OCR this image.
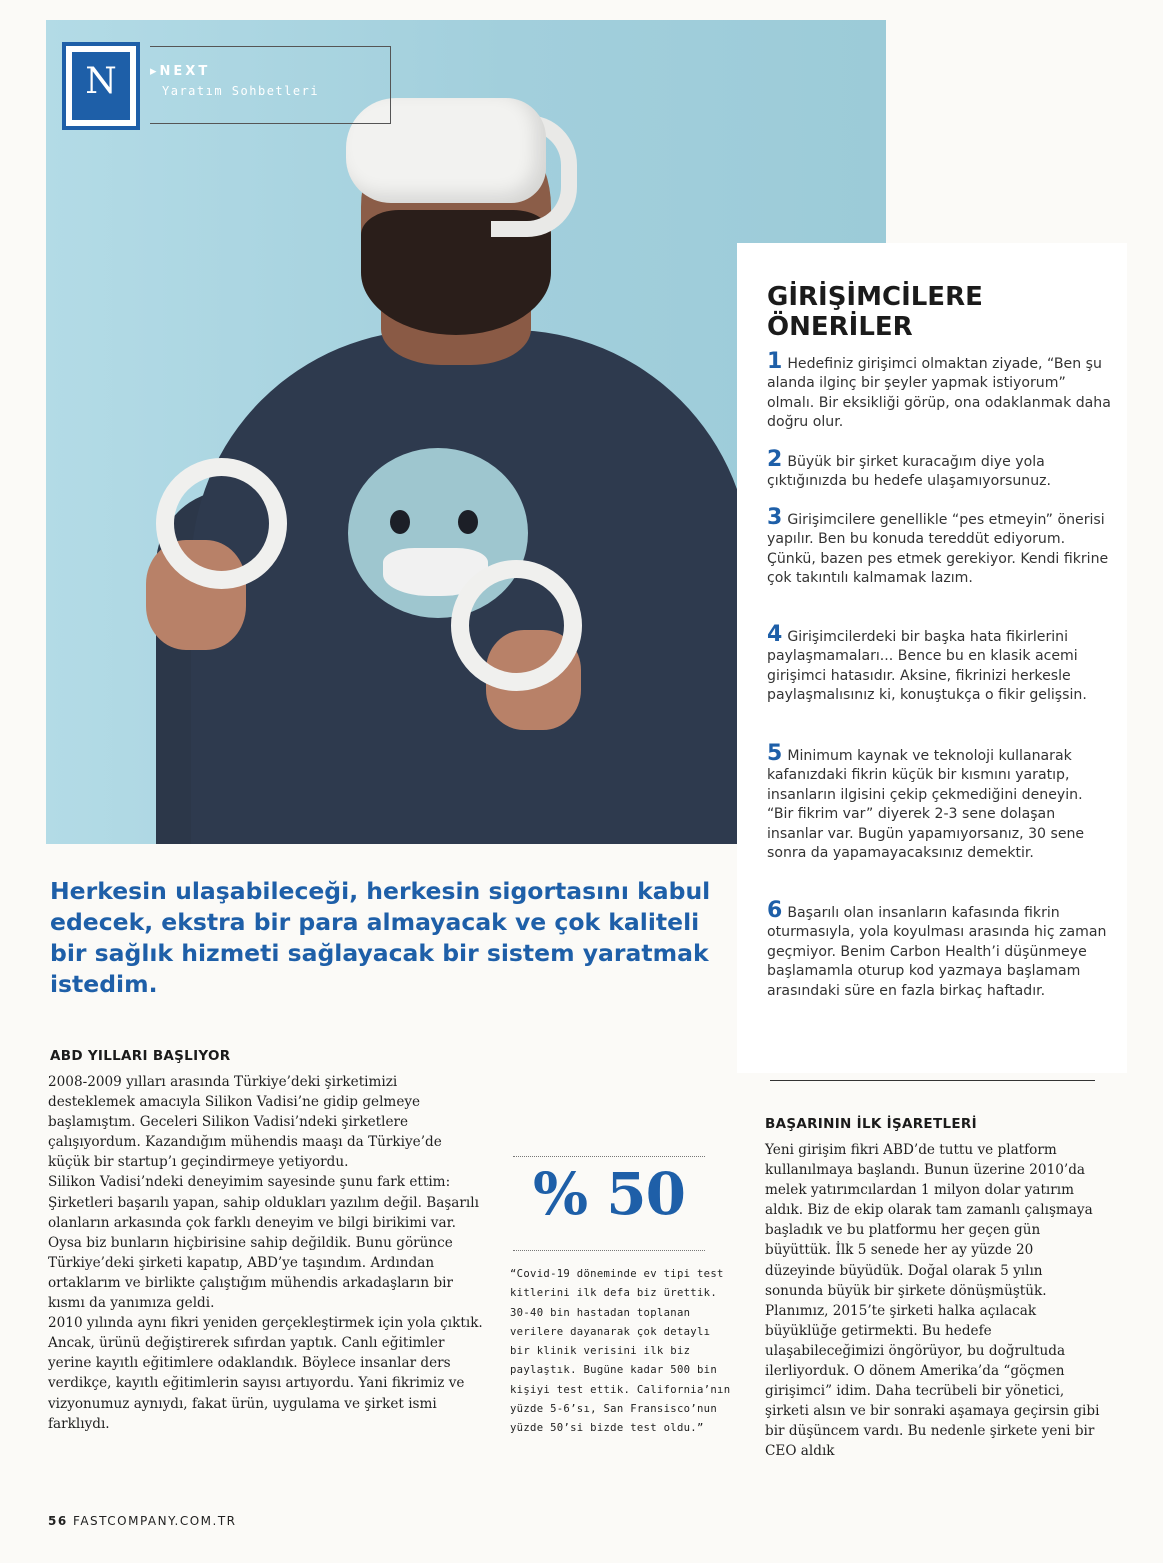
N	▸NEXT
Yaratım Sohbetleri
GİRİŞİMCİLERE ÖNERİLER

1 Hedefiniz girişimci olmaktan ziyade, “Ben şu alanda ilginç bir şeyler yapmak istiyorum” olmalı. Bir eksikliği görüp, ona odaklanmak daha doğru olur.

2 Büyük bir şirket kuracağım diye yola çıktığınızda bu hedefe ulaşamıyorsunuz.

3 Girişimcilere genellikle “pes etmeyin” önerisi yapılır. Ben bu konuda tereddüt ediyorum. Çünkü, bazen pes etmek gerekiyor. Kendi fikrine çok takıntılı kalmamak lazım.

4 Girişimcilerdeki bir başka hata fikirlerini paylaşmamaları... Bence bu en klasik acemi girişimci hatasıdır. Aksine, fikrinizi herkesle paylaşmalısınız ki, konuştukça o fikir gelişsin.

5 Minimum kaynak ve teknoloji kullanarak kafanızdaki fikrin küçük bir kısmını yaratıp, insanların ilgisini çekip çekmediğini deneyin. “Bir fikrim var” diyerek 2-3 sene dolaşan insanlar var. Bugün yapamıyorsanız, 30 sene sonra da yapamayacaksınız demektir.

6 Başarılı olan insanların kafasında fikrin oturmasıyla, yola koyulması arasında hiç zaman geçmiyor. Benim Carbon Health’i düşünmeye başlamamla oturup kod yazmaya başlamam arasındaki süre en fazla birkaç haftadır.

Herkesin ulaşabileceği, herkesin sigortasını kabul edecek, ekstra bir para almayacak ve çok kaliteli bir sağlık hizmeti sağlayacak bir sistem yaratmak istedim.

ABD YILLARI BAŞLIYOR

2008-2009 yılları arasında Türkiye’deki şirketimizi desteklemek amacıyla Silikon Vadisi’ne gidip gelmeye başlamıştım. Geceleri Silikon Vadisi’ndeki şirketlere çalışıyordum. Kazandığım mühendis maaşı da Türkiye’de küçük bir startup’ı geçindirmeye yetiyordu.

Silikon Vadisi’ndeki deneyimim sayesinde şunu fark ettim: Şirketleri başarılı yapan, sahip oldukları yazılım değil. Başarılı olanların arkasında çok farklı deneyim ve bilgi birikimi var. Oysa biz bunların hiçbirisine sahip değildik. Bunu görünce Türkiye’deki şirketi kapatıp, ABD’ye taşındım. Ardından ortaklarım ve birlikte çalıştığım mühendis arkadaşların bir kısmı da yanımıza geldi.

2010 yılında aynı fikri yeniden gerçekleştirmek için yola çıktık. Ancak, ürünü değiştirerek sıfırdan yaptık. Canlı eğitimler yerine kayıtlı eğitimlere odaklandık. Böylece insanlar ders verdikçe, kayıtlı eğitimlerin sayısı artıyordu. Yani fikrimiz ve vizyonumuz aynıydı, fakat ürün, uygulama ve şirket ismi farklıydı.

% 50

“Covid-19 döneminde ev tipi test kitlerini ilk defa biz ürettik. 30-40 bin hastadan toplanan verilere dayanarak çok detaylı bir klinik verisini ilk biz paylaştık. Bugüne kadar 500 bin kişiyi test ettik. California’nın yüzde 5-6’sı, San Fransisco’nun yüzde 50’si bizde test oldu.”

BAŞARININ İLK İŞARETLERİ

Yeni girişim fikri ABD’de tuttu ve platform kullanılmaya başlandı. Bunun üzerine 2010’da melek yatırımcılardan 1 milyon dolar yatırım aldık. Biz de ekip olarak tam zamanlı çalışmaya başladık ve bu platformu her geçen gün büyüttük. İlk 5 senede her ay yüzde 20 düzeyinde büyüdük. Doğal olarak 5 yılın sonunda büyük bir şirkete dönüşmüştük.

Planımız, 2015’te şirketi halka açılacak büyüklüğe getirmekti. Bu hedefe ulaşabileceğimizi öngörüyor, bu doğrultuda ilerliyorduk. O dönem Amerika’da “göçmen girişimci” idim. Daha tecrübeli bir yönetici, şirketi alsın ve bir sonraki aşamaya geçirsin gibi bir düşüncem vardı. Bu nedenle şirkete yeni bir CEO aldık

56 FASTCOMPANY.COM.TR
